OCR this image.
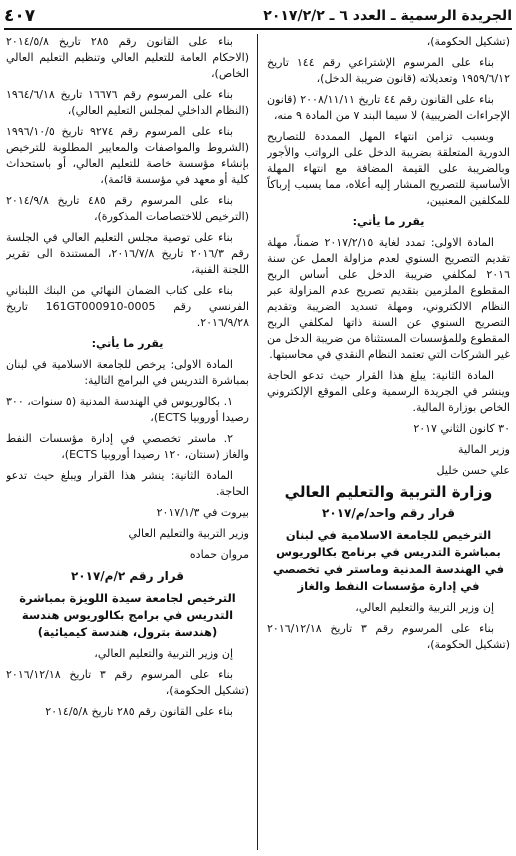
الجريدة الرسمية ـ العدد ٦ ـ ٢٠١٧/٢/٢
٤٠٧

(تشكيل الحكومة)،

بناء على المرسوم الإشتراعي رقم ١٤٤ تاريخ ١٩٥٩/٦/١٢ وتعديلاته (قانون ضريبة الدخل)،

بناء على القانون رقم ٤٤ تاريخ ٢٠٠٨/١١/١١ (قانون الإجراءات الضريبية) لا سيما البند ٧ من المادة ٩ منه،

وبسبب تزامن انتهاء المهل الممددة للتصاريح الدورية المتعلقة بضريبة الدخل على الرواتب والأجور وبالضريبة على القيمة المضافة مع انتهاء المهلة الأساسية للتصريح المشار إليه أعلاه، مما يسبب إرباكاً للمكلفين المعنيين،

يقرر ما يأتي:

المادة الاولى: تمدد لغاية ٢٠١٧/٢/١٥ ضمناً، مهلة تقديم التصريح السنوي لعدم مزاولة العمل عن سنة ٢٠١٦ لمكلفي ضريبة الدخل على أساس الربح المقطوع الملزمين بتقديم تصريح عدم المزاولة عبر النظام الالكتروني، ومهلة تسديد الضريبة وتقديم التصريح السنوي عن السنة ذاتها لمكلفي الربح المقطوع وللمؤسسات المستثناة من ضريبة الدخل من غير الشركات التي تعتمد النظام النقدي في محاسبتها.

المادة الثانية: يبلغ هذا القرار حيث تدعو الحاجة وينشر في الجريدة الرسمية وعلى الموقع الإلكتروني الخاص بوزارة المالية.

٣٠ كانون الثاني ٢٠١٧

وزير المالية

علي حسن خليل

وزارة التربية والتعليم العالي

قرار رقم واحد/م/٢٠١٧

الترخيص للجامعة الاسلامية في لبنان بمباشرة التدريس في برنامج بكالوريوس في الهندسة المدنية وماستر في تخصصي في إدارة مؤسسات النفط والغاز

إن وزير التربية والتعليم العالي،

بناء على المرسوم رقم ٣ تاريخ ٢٠١٦/١٢/١٨ (تشكيل الحكومة)،

بناء على القانون رقم ٢٨٥ تاريخ ٢٠١٤/٥/٨ (الاحكام العامة للتعليم العالي وتنظيم التعليم العالي الخاص)،

بناء على المرسوم رقم ١٦٦٧٦ تاريخ ١٩٦٤/٦/١٨ (النظام الداخلي لمجلس التعليم العالي)،

بناء على المرسوم رقم ٩٢٧٤ تاريخ ١٩٩٦/١٠/٥ (الشروط والمواصفات والمعايير المطلوبة للترخيص بإنشاء مؤسسة خاصة للتعليم العالي، أو باستحداث كلية أو معهد في مؤسسة قائمة)،

بناء على المرسوم رقم ٤٨٥ تاريخ ٢٠١٤/٩/٨ (الترخيص للاختصاصات المذكورة)،

بناء على توصية مجلس التعليم العالي في الجلسة رقم ٢٠١٦/٣ تاريخ ٢٠١٦/٧/٨، المستندة الى تقرير اللجنة الفنية،

بناء على كتاب الضمان النهائي من البنك اللبناني الفرنسي رقم 161GT000910-0005 تاريخ ٢٠١٦/٩/٢٨.

يقرر ما يأتي:

المادة الاولى: يرخص للجامعة الاسلامية في لبنان بمباشرة التدريس في البرامج التالية:

١. بكالوريوس في الهندسة المدنية (٥ سنوات، ٣٠٠ رصيدا أوروبيا ECTS)،

٢. ماستر تخصصي في إدارة مؤسسات النفط والغاز (سنتان، ١٢٠ رصيدا أوروبيا ECTS)،

المادة الثانية: ينشر هذا القرار ويبلغ حيث تدعو الحاجة.

بيروت في ٢٠١٧/١/٣

وزير التربية والتعليم العالي

مروان حماده

قرار رقم ٢/م/٢٠١٧

الترخيص لجامعة سيدة اللويزة بمباشرة التدريس في برامج بكالوريوس هندسة (هندسة بترول، هندسة كيميائية)

إن وزير التربية والتعليم العالي،

بناء على المرسوم رقم ٣ تاريخ ٢٠١٦/١٢/١٨ (تشكيل الحكومة)،

بناء على القانون رقم ٢٨٥ تاريخ ٢٠١٤/٥/٨
